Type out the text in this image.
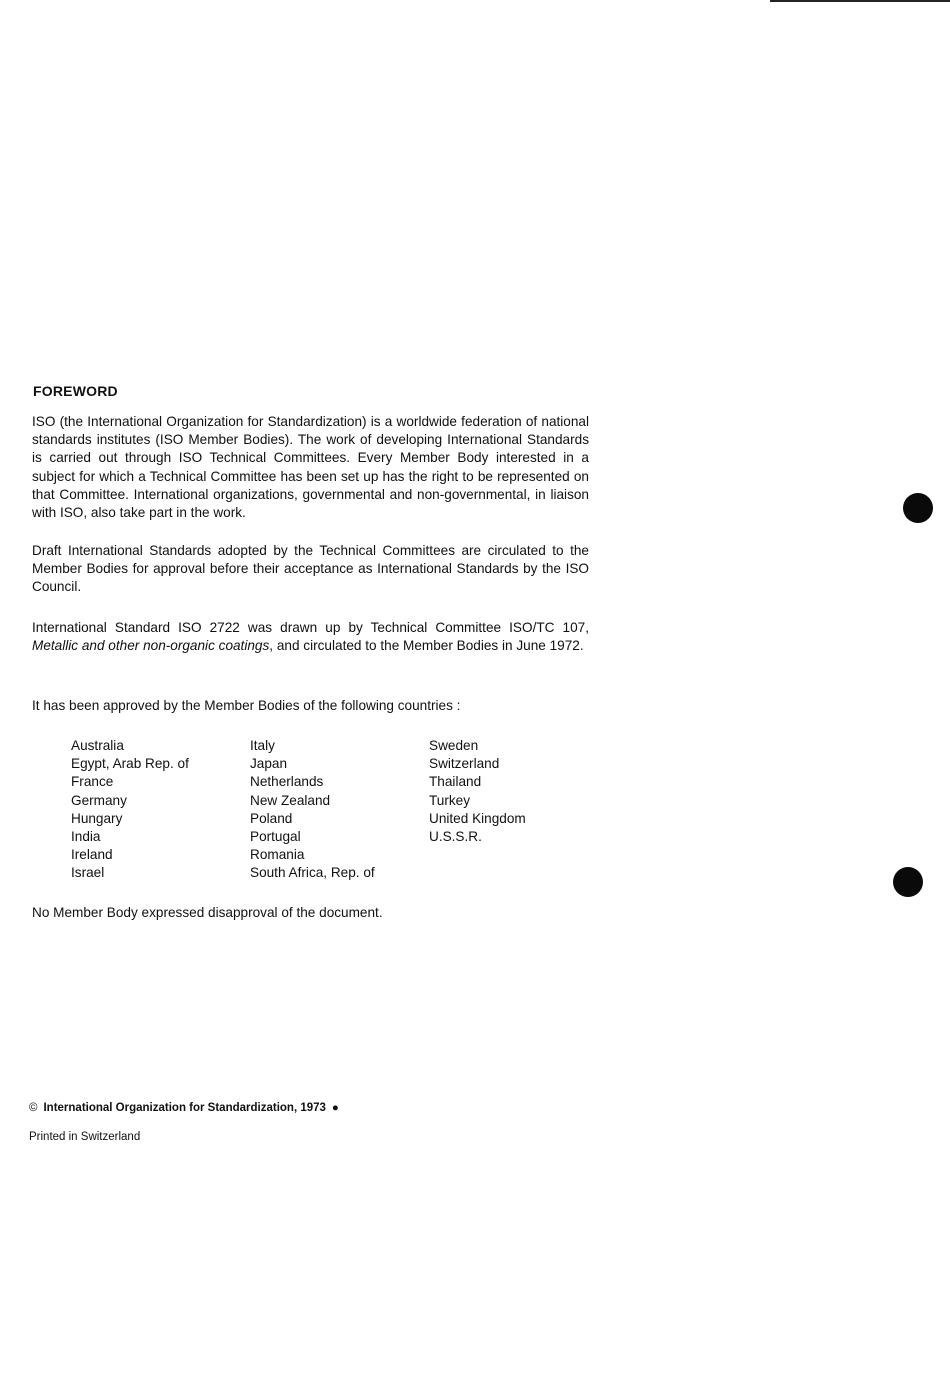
FOREWORD

ISO (the International Organization for Standardization) is a worldwide federation of national standards institutes (ISO Member Bodies). The work of developing International Standards is carried out through ISO Technical Committees. Every Member Body interested in a subject for which a Technical Committee has been set up has the right to be represented on that Committee. International organizations, governmental and non-governmental, in liaison with ISO, also take part in the work.

Draft International Standards adopted by the Technical Committees are circulated to the Member Bodies for approval before their acceptance as International Standards by the ISO Council.

International Standard ISO 2722 was drawn up by Technical Committee ISO/TC 107, Metallic and other non-organic coatings, and circulated to the Member Bodies in June 1972.

It has been approved by the Member Bodies of the following countries :

Australia
Egypt, Arab Rep. of
France
Germany
Hungary
India
Ireland
Israel
Italy
Japan
Netherlands
New Zealand
Poland
Portugal
Romania
South Africa, Rep. of
Sweden
Switzerland
Thailand
Turkey
United Kingdom
U.S.S.R.

No Member Body expressed disapproval of the document.

© International Organization for Standardization, 1973 ●
Printed in Switzerland
